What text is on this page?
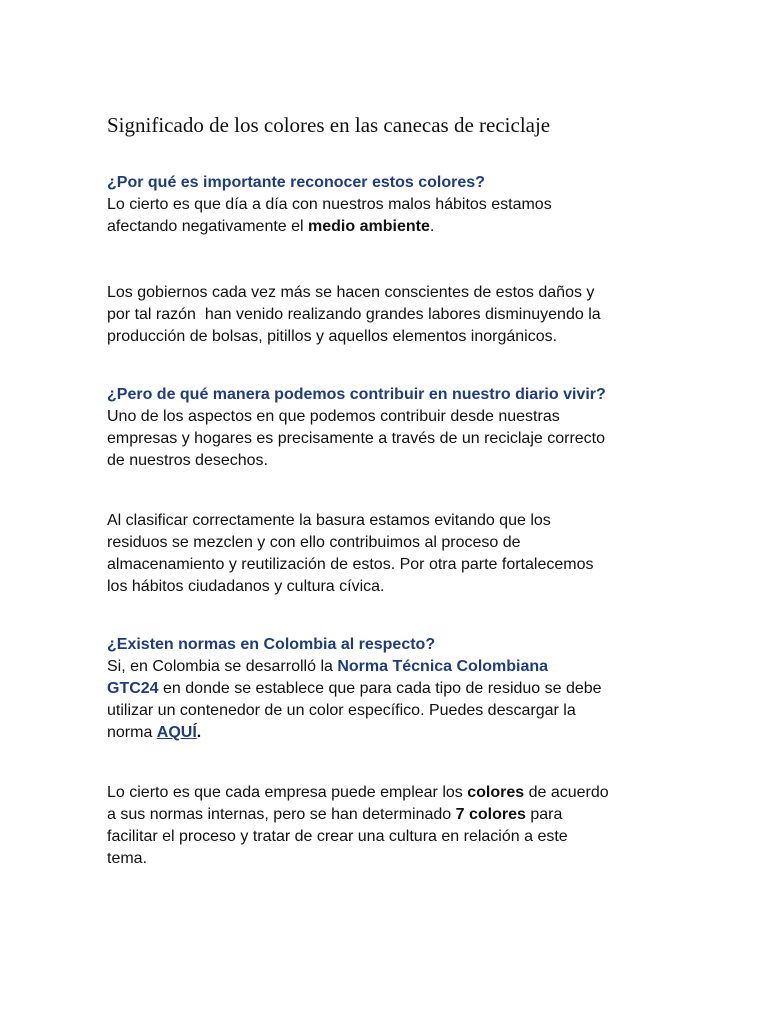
Significado de los colores en las canecas de reciclaje
¿Por qué es importante reconocer estos colores?

Lo cierto es que día a día con nuestros malos hábitos estamos
afectando negativamente el medio ambiente.

Los gobiernos cada vez más se hacen conscientes de estos daños y
por tal razón  han venido realizando grandes labores disminuyendo la
producción de bolsas, pitillos y aquellos elementos inorgánicos.

¿Pero de qué manera podemos contribuir en nuestro diario vivir?

Uno de los aspectos en que podemos contribuir desde nuestras
empresas y hogares es precisamente a través de un reciclaje correcto
de nuestros desechos.

Al clasificar correctamente la basura estamos evitando que los
residuos se mezclen y con ello contribuimos al proceso de
almacenamiento y reutilización de estos. Por otra parte fortalecemos
los hábitos ciudadanos y cultura cívica.

¿Existen normas en Colombia al respecto?

Si, en Colombia se desarrolló la Norma Técnica Colombiana
GTC24 en donde se establece que para cada tipo de residuo se debe
utilizar un contenedor de un color específico. Puedes descargar la
norma AQUÍ.

Lo cierto es que cada empresa puede emplear los colores de acuerdo
a sus normas internas, pero se han determinado 7 colores para
facilitar el proceso y tratar de crear una cultura en relación a este
tema.
